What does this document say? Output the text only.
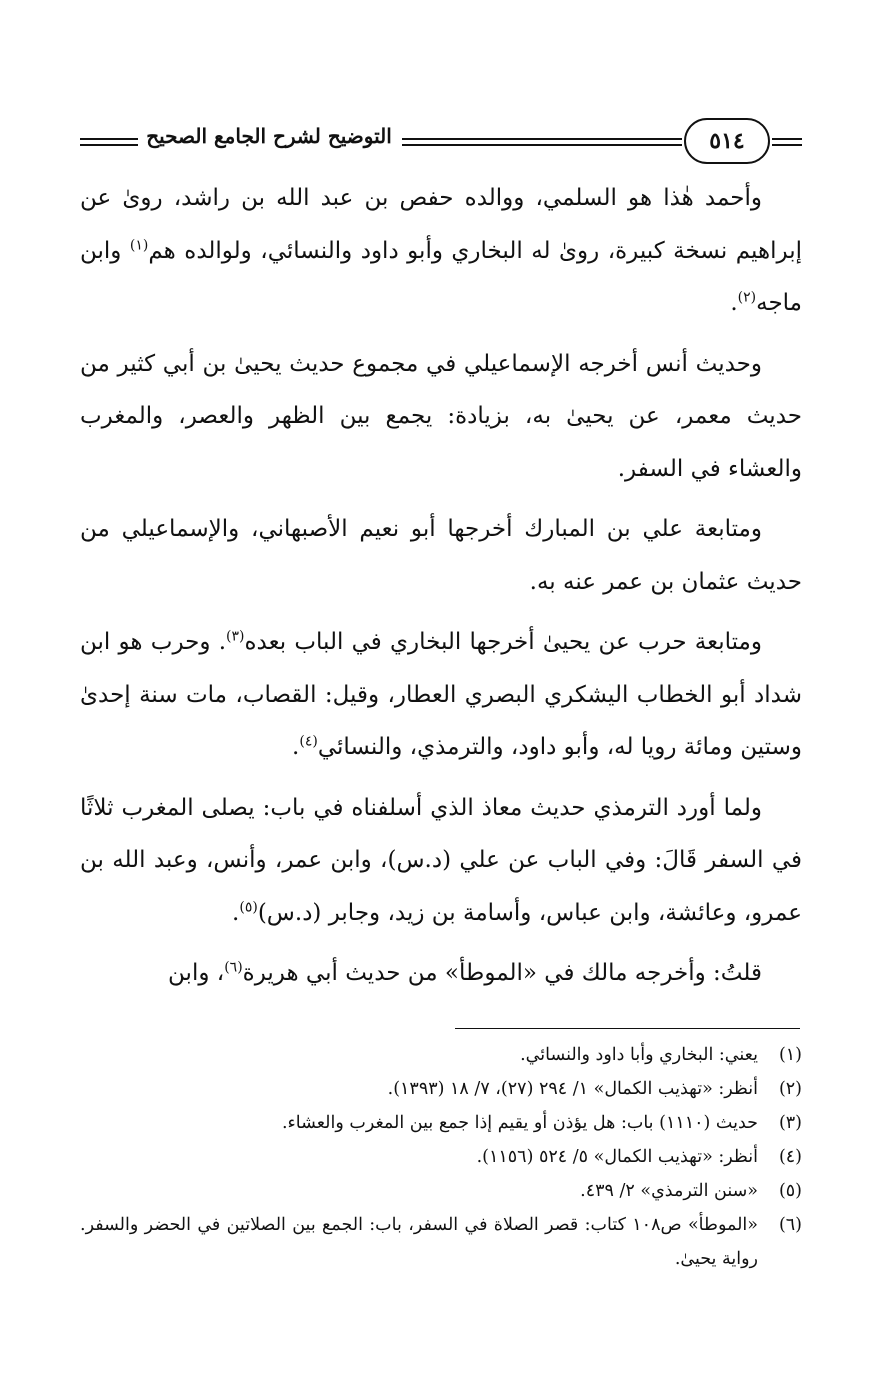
التوضيح لشرح الجامع الصحيح	٥١٤

وأحمد هٰذا هو السلمي، ووالده حفص بن عبد الله بن راشد، روىٰ عن إبراهيم نسخة كبيرة، روىٰ له البخاري وأبو داود والنسائي، ولوالده هم$^{(١)}$ وابن ماجه$^{(٢)}$.

وحديث أنس أخرجه الإسماعيلي في مجموع حديث يحيىٰ بن أبي كثير من حديث معمر، عن يحيىٰ به، بزيادة: يجمع بين الظهر والعصر، والمغرب والعشاء في السفر.

ومتابعة علي بن المبارك أخرجها أبو نعيم الأصبهاني، والإسماعيلي من حديث عثمان بن عمر عنه به.

ومتابعة حرب عن يحيىٰ أخرجها البخاري في الباب بعده$^{(٣)}$. وحرب هو ابن شداد أبو الخطاب اليشكري البصري العطار، وقيل: القصاب، مات سنة إحدىٰ وستين ومائة رويا له، وأبو داود، والترمذي، والنسائي$^{(٤)}$.

ولما أورد الترمذي حديث معاذ الذي أسلفناه في باب: يصلى المغرب ثلاثًا في السفر قَالَ: وفي الباب عن علي (د.س)، وابن عمر، وأنس، وعبد الله بن عمرو، وعائشة، وابن عباس، وأسامة بن زيد، وجابر (د.س)$^{(٥)}$.

قلتُ: وأخرجه مالك في «الموطأ» من حديث أبي هريرة$^{(٦)}$، وابن

(١)
يعني: البخاري وأبا داود والنسائي.
(٢)
أنظر: «تهذيب الكمال» ١/ ٢٩٤ (٢٧)، ٧/ ١٨ (١٣٩٣).
(٣)
حديث (١١١٠) باب: هل يؤذن أو يقيم إذا جمع بين المغرب والعشاء.
(٤)
أنظر: «تهذيب الكمال» ٥/ ٥٢٤ (١١٥٦).
(٥)
«سنن الترمذي» ٢/ ٤٣٩.
(٦)
«الموطأ» ص١٠٨ كتاب: قصر الصلاة في السفر، باب: الجمع بين الصلاتين في الحضر والسفر. رواية يحيىٰ.
